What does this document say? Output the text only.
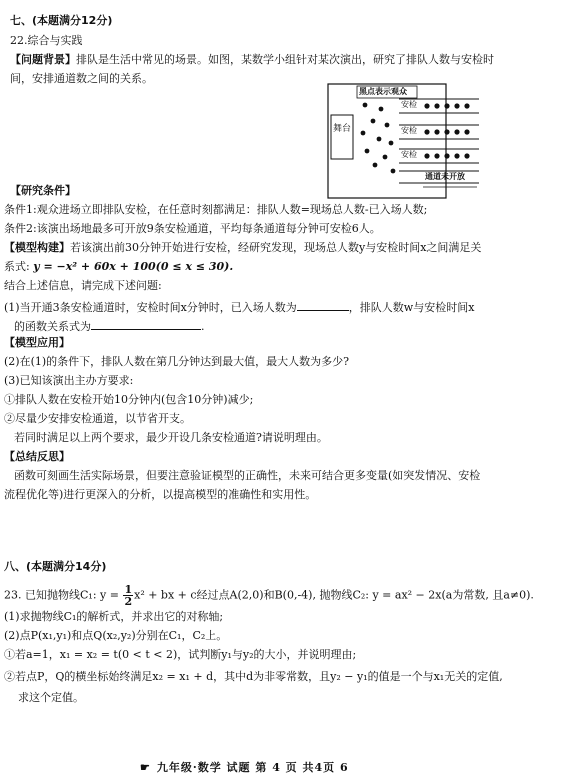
七、(本题满分12分)
22.综合与实践
【问题背景】排队是生活中常见的场景。如图，某数学小组针对某次演出，研究了排队人数与安检时
间，安排通道数之间的关系。
黑点表示观众
舞台
安检
安检
安检
通道未开放
【研究条件】
条件1:观众进场立即排队安检，在任意时刻都满足：排队人数=现场总人数-已入场人数;
条件2:该演出场地最多可开放9条安检通道，平均每条通道每分钟可安检6人。
【模型构建】若该演出前30分钟开始进行安检，经研究发现，现场总人数y与安检时间x之间满足关
系式: y = −x² + 60x + 100(0 ≤ x ≤ 30).
结合上述信息，请完成下述问题:
(1)当开通3条安检通道时，安检时间x分钟时，已入场人数为	，排队人数w与安检时间x
的函数关系式为	.
【模型应用】
(2)在(1)的条件下，排队人数在第几分钟达到最大值，最大人数为多少?
(3)已知该演出主办方要求:
①排队人数在安检开始10分钟内(包含10分钟)减少;
②尽量少安排安检通道，以节省开支。
若同时满足以上两个要求，最少开设几条安检通道?请说明理由。
【总结反思】
函数可刻画生活实际场景，但要注意验证模型的正确性，未来可结合更多变量(如突发情况、安检
流程优化等)进行更深入的分析，以提高模型的准确性和实用性。
八、(本题满分14分)
23. 已知抛物线C₁: $y = \frac{1}{2} x^2$ + bx + c经过点A(2,0)和B(0,-4), 抛物线C₂: y = ax² − 2x(a为常数, 且a≠0).
(1)求抛物线C₁的解析式，并求出它的对称轴;
(2)点P(x₁,y₁)和点Q(x₂,y₂)分别在C₁，C₂上。
①若a=1，x₁ = x₂ = t(0 < t < 2)，试判断y₁与y₂的大小，并说明理由;
②若点P，Q的横坐标始终满足x₂ = x₁ + d，其中d为非零常数，且y₂ − y₁的值是一个与x₁无关的定值,
求这个定值。
☛ 九年级·数学 试题 第 4 页 共4页 6
